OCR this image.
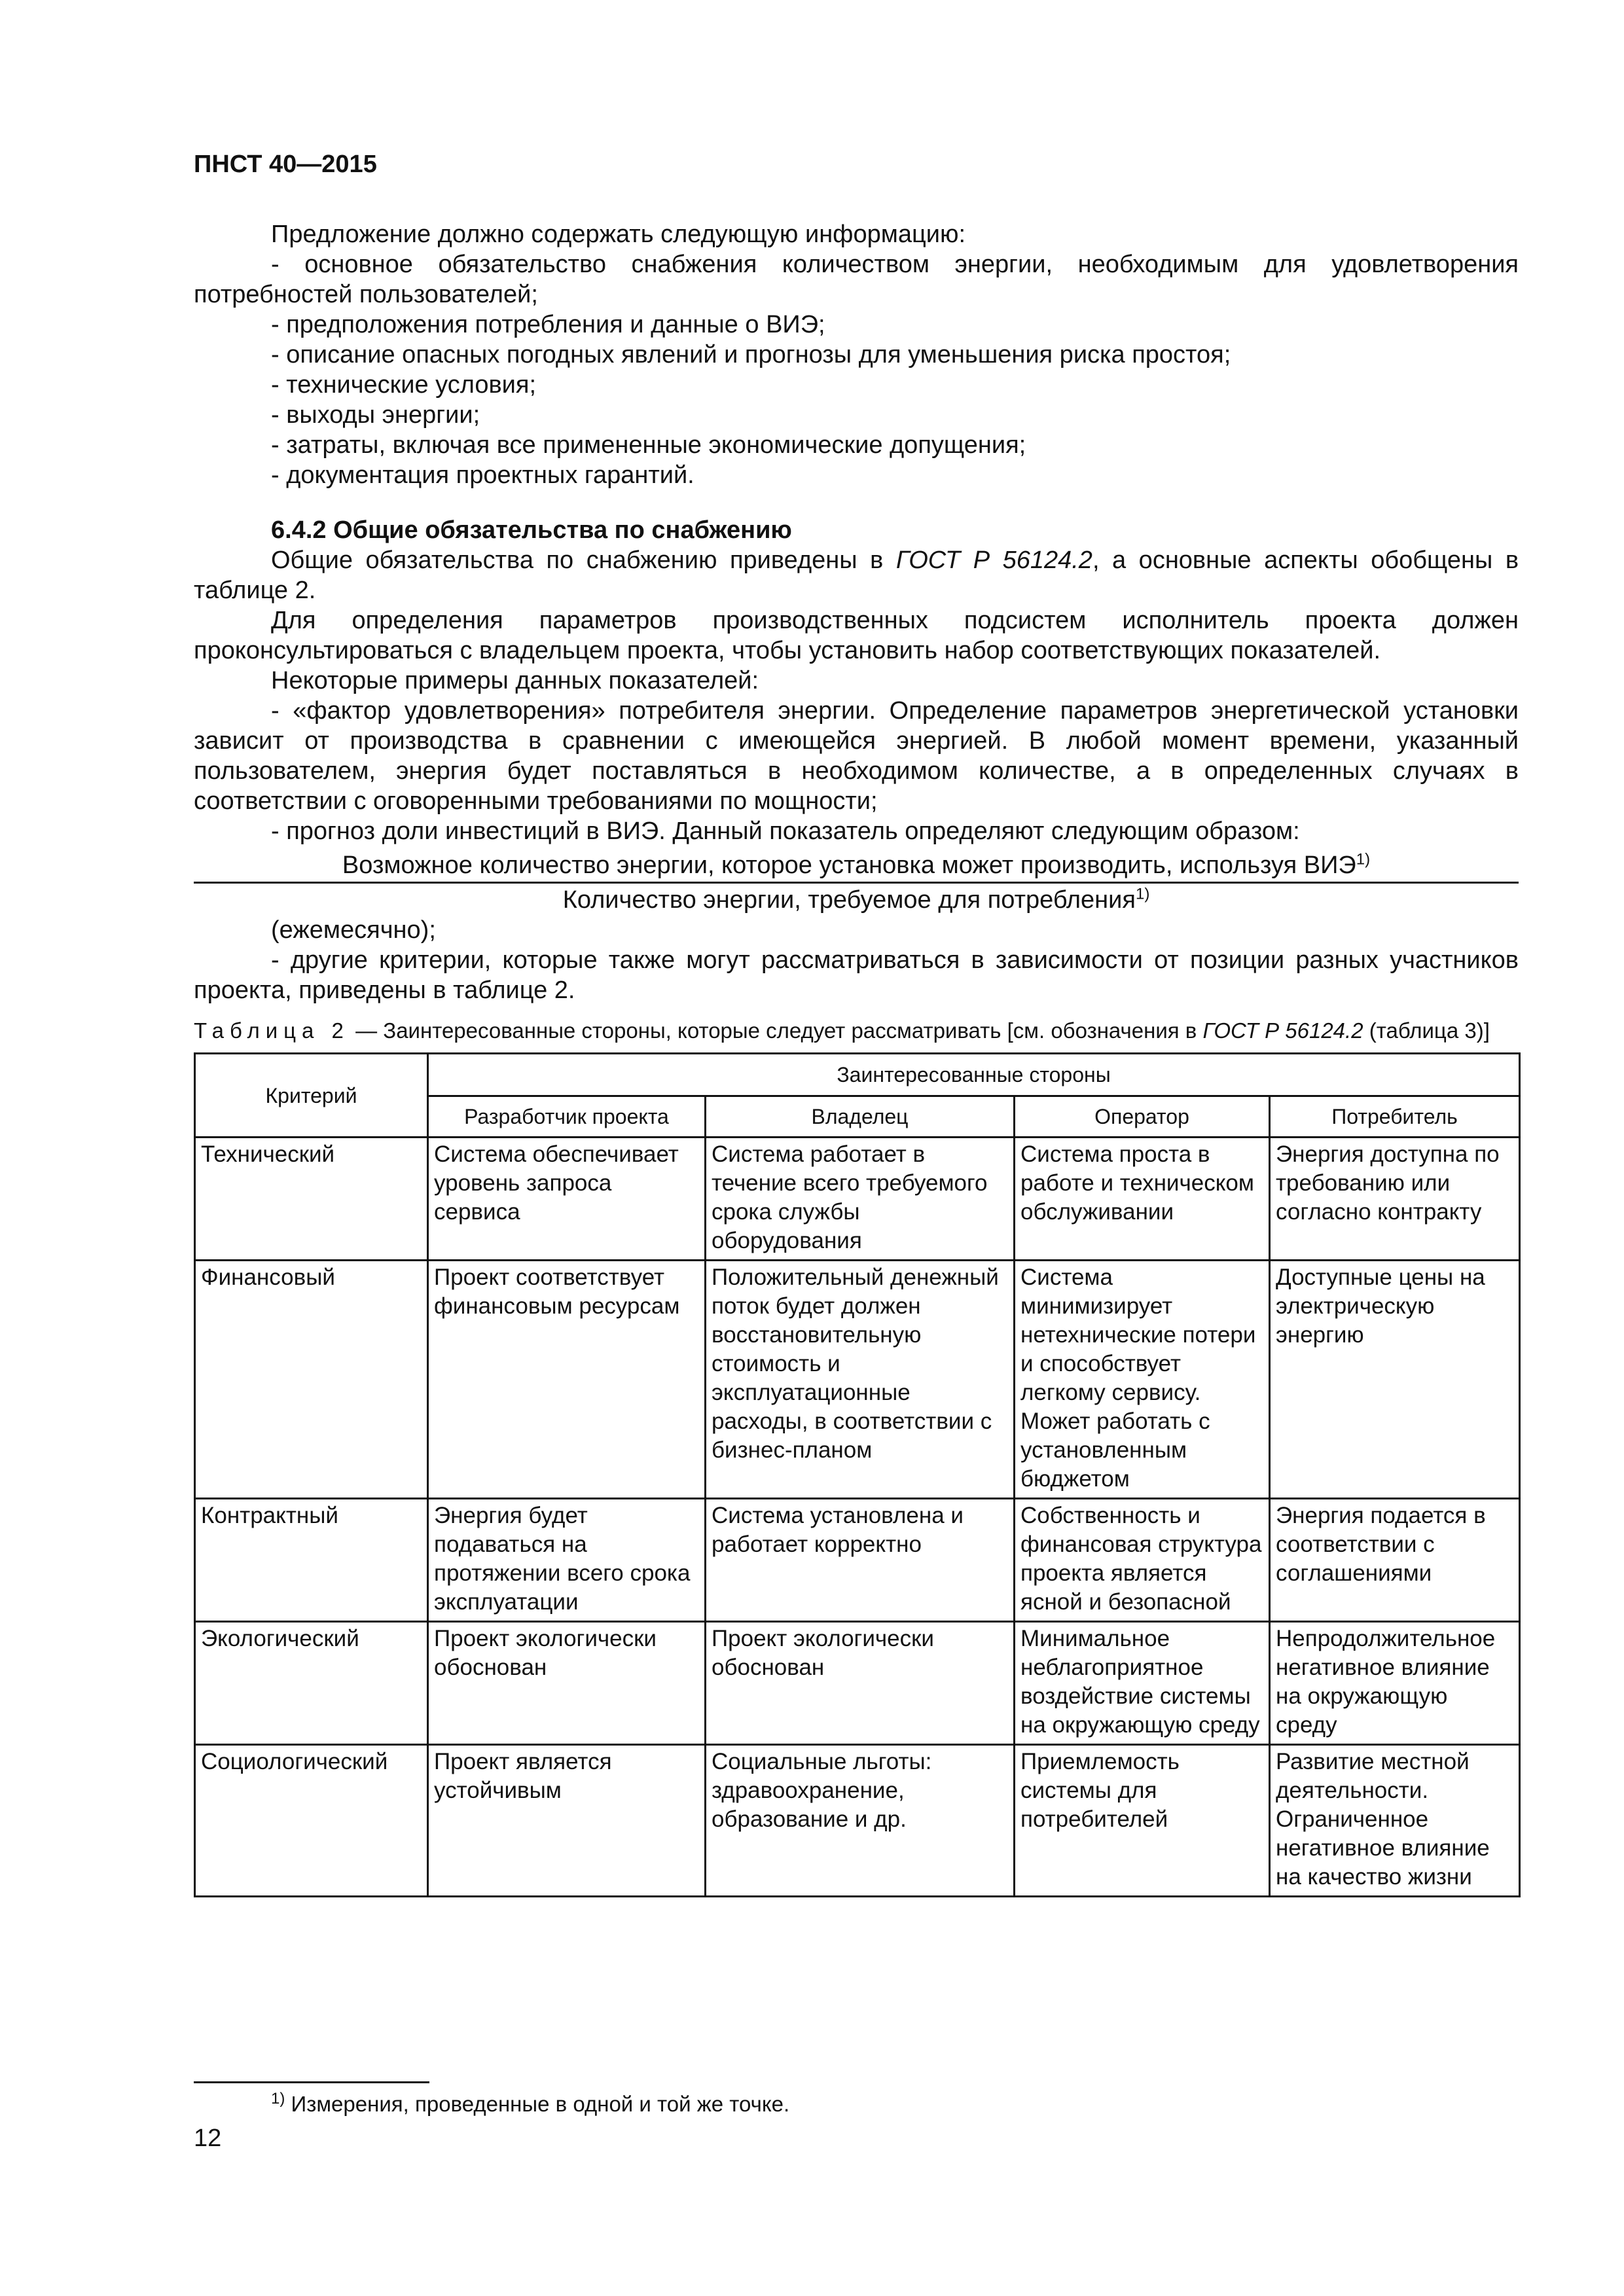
ПНСТ 40—2015

Предложение должно содержать следующую информацию:

- основное обязательство снабжения количеством энергии, необходимым для удовлетворения потребностей пользователей;

- предположения потребления и данные о ВИЭ;

- описание опасных погодных явлений и прогнозы для уменьшения риска простоя;

- технические условия;

- выходы энергии;

- затраты, включая все примененные экономические допущения;

- документация проектных гарантий.

6.4.2 Общие обязательства по снабжению

Общие обязательства по снабжению приведены в ГОСТ Р 56124.2, а основные аспекты обобщены в таблице 2.

Для определения параметров производственных подсистем исполнитель проекта должен проконсультироваться с владельцем проекта, чтобы установить набор соответствующих показателей.

Некоторые примеры данных показателей:

- «фактор удовлетворения» потребителя энергии. Определение параметров энергетической установки зависит от производства в сравнении с имеющейся энергией. В любой момент времени, указанный пользователем, энергия будет поставляться в необходимом количестве, а в определенных случаях в соответствии с оговоренными требованиями по мощности;

- прогноз доли инвестиций в ВИЭ. Данный показатель определяют следующим образом:

Возможное количество энергии, которое установка может производить, используя ВИЭ$^{1)}$
Количество энергии, требуемое для потребления$^{1)}$

(ежемесячно);

- другие критерии, которые также могут рассматриваться в зависимости от позиции разных участников проекта, приведены в таблице 2.

Таблица 2 — Заинтересованные стороны, которые следует рассматривать [см. обозначения в ГОСТ Р 56124.2 (таблица 3)]
Критерий	Заинтересованные стороны			
	Разработчик проекта	Владелец	Оператор	Потребитель
Технический	Система обеспечивает уровень запроса сервиса	Система работает в течение всего требуемого срока службы оборудования	Система проста в работе и техническом обслуживании	Энергия доступна по требованию или согласно контракту
Финансовый	Проект соответствует финансовым ресурсам	Положительный денежный поток будет должен восстановительную стоимость и эксплуатационные расходы, в соответствии с бизнес-планом	Система минимизирует нетехнические потери и способствует легкому сервису. Может работать с установленным бюджетом	Доступные цены на электрическую энергию
Контрактный	Энергия будет подаваться на протяжении всего срока эксплуатации	Система установлена и работает корректно	Собственность и финансовая структура проекта является ясной и безопасной	Энергия подается в соответствии с соглашениями
Экологический	Проект экологически обоснован	Проект экологически обоснован	Минимальное неблагоприятное воздействие системы на окружающую среду	Непродолжительное негативное влияние на окружающую среду
Социологический	Проект является устойчивым	Социальные льготы: здравоохранение, образование и др.	Приемлемость системы для потребителей	Развитие местной деятельности. Ограниченное негативное влияние на качество жизни
$^{1)}$ Измерения, проведенные в одной и той же точке.
12
